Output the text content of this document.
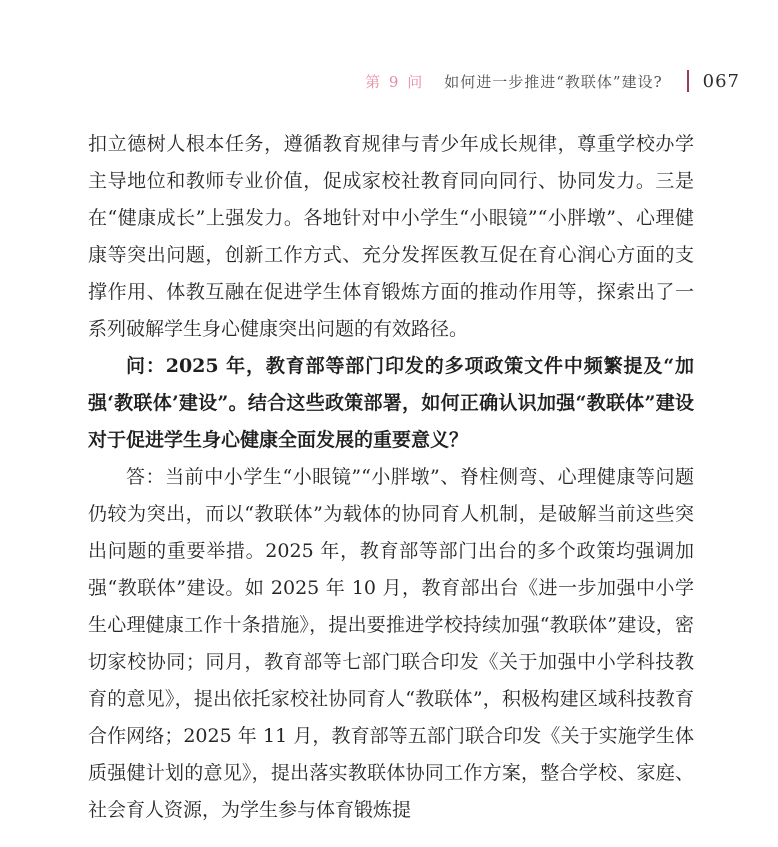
第 9 问 如何进一步推进“教联体”建设? 067

扣立德树人根本任务，遵循教育规律与青少年成长规律，尊重学校办学主导地位和教师专业价值，促成家校社教育同向同行、协同发力。三是在“健康成长”上强发力。各地针对中小学生“小眼镜”“小胖墩”、心理健康等突出问题，创新工作方式、充分发挥医教互促在育心润心方面的支撑作用、体教互融在促进学生体育锻炼方面的推动作用等，探索出了一系列破解学生身心健康突出问题的有效路径。

问：2025 年，教育部等部门印发的多项政策文件中频繁提及“加强‘教联体’建设”。结合这些政策部署，如何正确认识加强“教联体”建设对于促进学生身心健康全面发展的重要意义？

答：当前中小学生“小眼镜”“小胖墩”、脊柱侧弯、心理健康等问题仍较为突出，而以“教联体”为载体的协同育人机制，是破解当前这些突出问题的重要举措。2025 年，教育部等部门出台的多个政策均强调加强“教联体”建设。如 2025 年 10 月，教育部出台《进一步加强中小学生心理健康工作十条措施》，提出要推进学校持续加强“教联体”建设，密切家校协同；同月，教育部等七部门联合印发《关于加强中小学科技教育的意见》，提出依托家校社协同育人“教联体”，积极构建区域科技教育合作网络；2025 年 11 月，教育部等五部门联合印发《关于实施学生体质强健计划的意见》，提出落实教联体协同工作方案，整合学校、家庭、社会育人资源，为学生参与体育锻炼提
